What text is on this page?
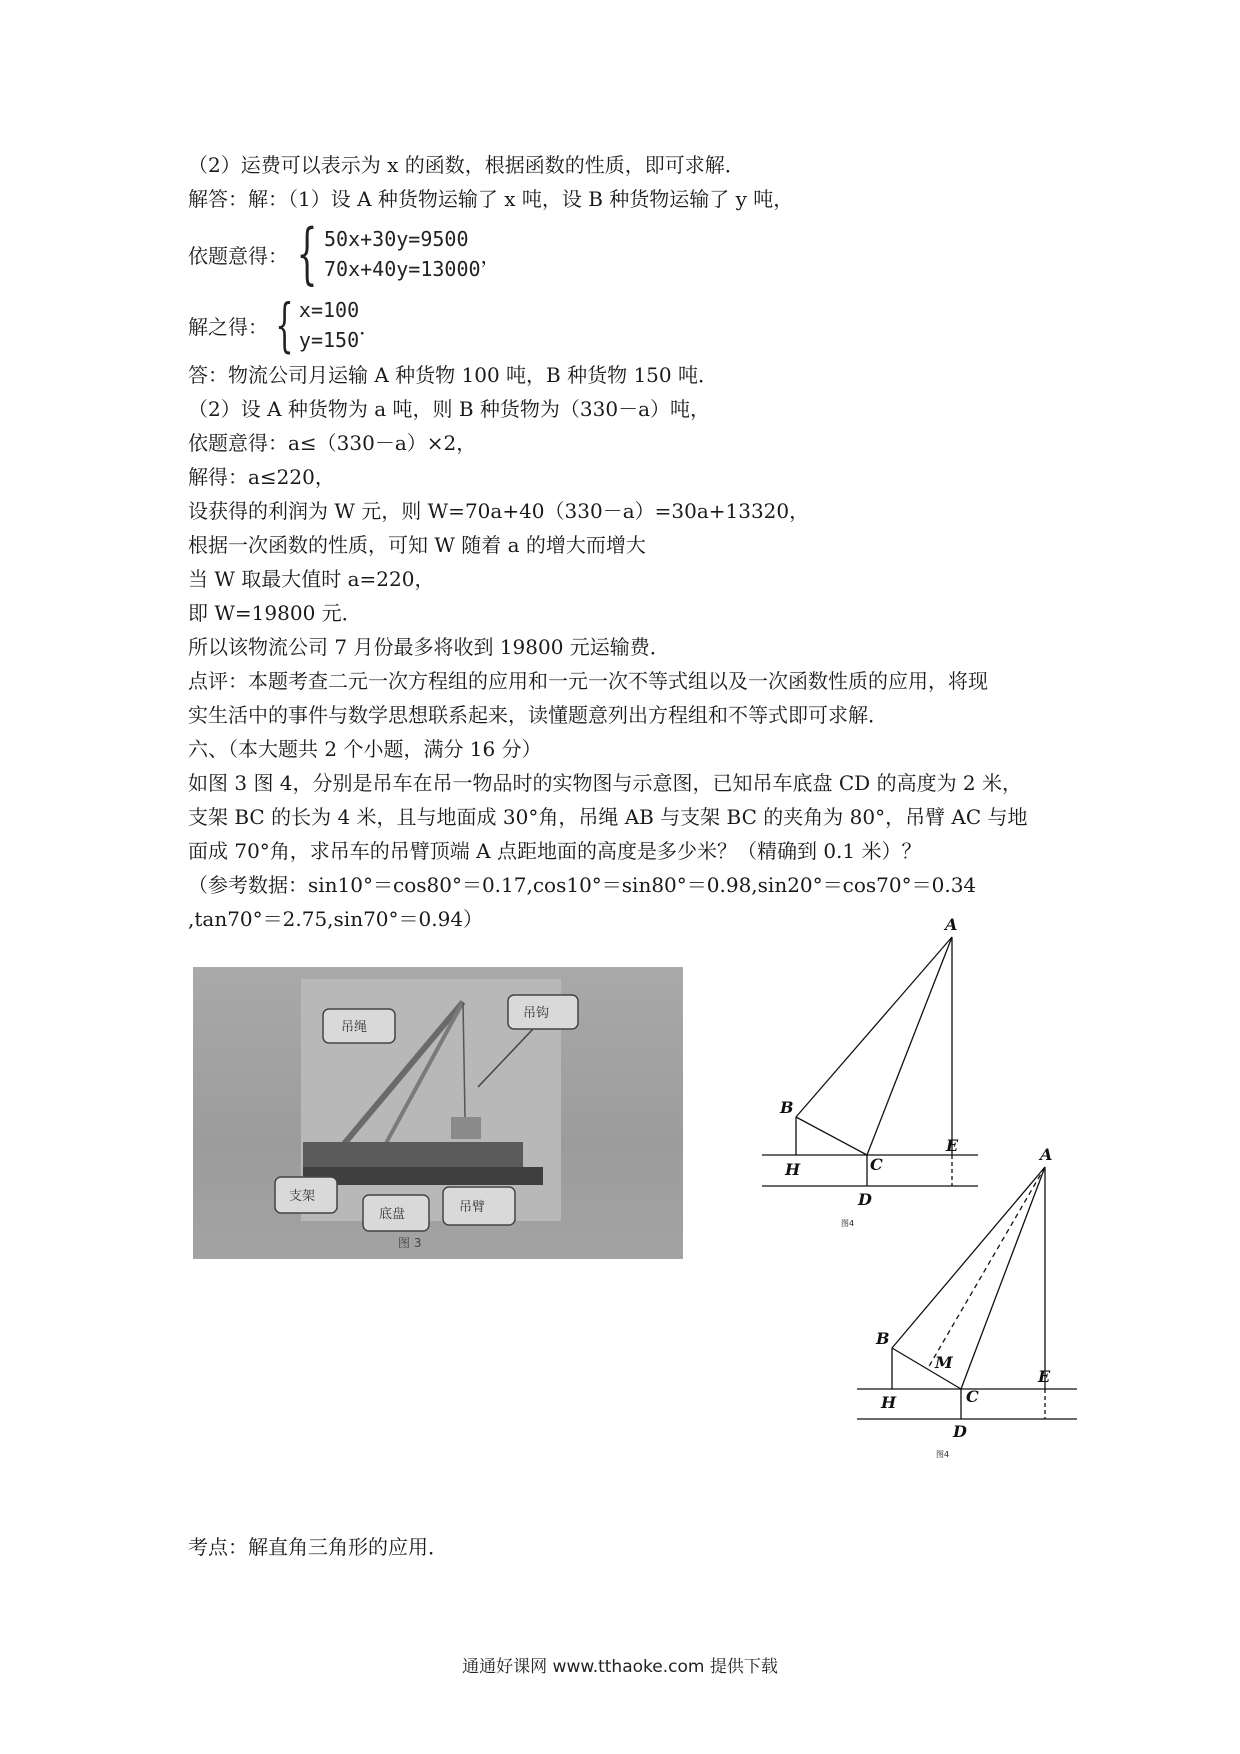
（2）运费可以表示为 x 的函数，根据函数的性质，即可求解．

解答：解：（1）设 A 种货物运输了 x 吨，设 B 种货物运输了 y 吨，

依题意得： { 50x+30y=9500
70x+40y=13000
，
解之得： { x=100
y=150
．

答：物流公司月运输 A 种货物 100 吨，B 种货物 150 吨．

（2）设 A 种货物为 a 吨，则 B 种货物为（330－a）吨，

依题意得：a≤（330－a）×2，

解得：a≤220，

设获得的利润为 W 元，则 W=70a+40（330－a）=30a+13320，

根据一次函数的性质，可知 W 随着 a 的增大而增大

当 W 取最大值时 a=220，

即 W=19800 元．

所以该物流公司 7 月份最多将收到 19800 元运输费．

点评：本题考查二元一次方程组的应用和一元一次不等式组以及一次函数性质的应用，将现

实生活中的事件与数学思想联系起来，读懂题意列出方程组和不等式即可求解．

六、（本大题共 2 个小题，满分 16 分）

如图 3 图 4，分别是吊车在吊一物品时的实物图与示意图，已知吊车底盘 CD 的高度为 2 米，

支架 BC 的长为 4 米，且与地面成 30°角，吊绳 AB 与支架 BC 的夹角为 80°，吊臂 AC 与地

面成 70°角，求吊车的吊臂顶端 A 点距地面的高度是多少米？（精确到 0.1 米）？

（参考数据：sin10°＝cos80°＝0.17,cos10°＝sin80°＝0.98,sin20°＝cos70°＝0.34

,tan70°＝2.75,sin70°＝0.94）

吊绳
吊钩
支架
底盘	吊臂
图 3
A
B
C
D
E
H
图4
A
B
M
C
D
E
H
图4

考点：解直角三角形的应用．

通通好课网 www.tthaoke.com 提供下载
